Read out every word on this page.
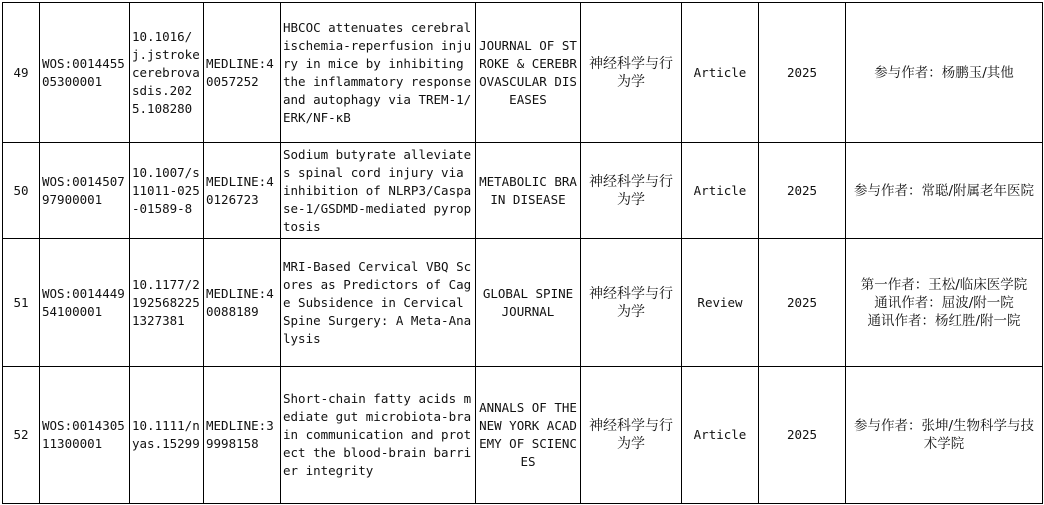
49	WOS:001445505300001	10.1016/j.jstrokecerebrovasdis.2025.108280	MEDLINE:40057252	HBCOC attenuates cerebral ischemia-reperfusion injury in mice by inhibiting the inflammatory response and autophagy via TREM-1/ERK/NF-κB	JOURNAL OF STROKE & CEREBROVASCULAR DISEASES	神经科学与行为学	Article	2025	参与作者：杨鹏玉/其他

50	WOS:001450797900001	10.1007/s11011-025-01589-8	MEDLINE:40126723	Sodium butyrate alleviates spinal cord injury via inhibition of NLRP3/Caspase-1/GSDMD-mediated pyroptosis	METABOLIC BRAIN DISEASE	神经科学与行为学	Article	2025	参与作者：常聪/附属老年医院

51	WOS:001444954100001	10.1177/21925682251327381	MEDLINE:40088189	MRI-Based Cervical VBQ Scores as Predictors of Cage Subsidence in Cervical Spine Surgery: A Meta-Analysis	GLOBAL SPINE JOURNAL	神经科学与行为学	Review	2025	第一作者：王松/临床医学院
通讯作者：屈波/附一院
通讯作者：杨红胜/附一院

52	WOS:001430511300001	10.1111/nyas.15299	MEDLINE:39998158	Short-chain fatty acids mediate gut microbiota-brain communication and protect the blood-brain barrier integrity	ANNALS OF THE NEW YORK ACADEMY OF SCIENCES	神经科学与行为学	Article	2025	参与作者：张坤/生物科学与技术学院
